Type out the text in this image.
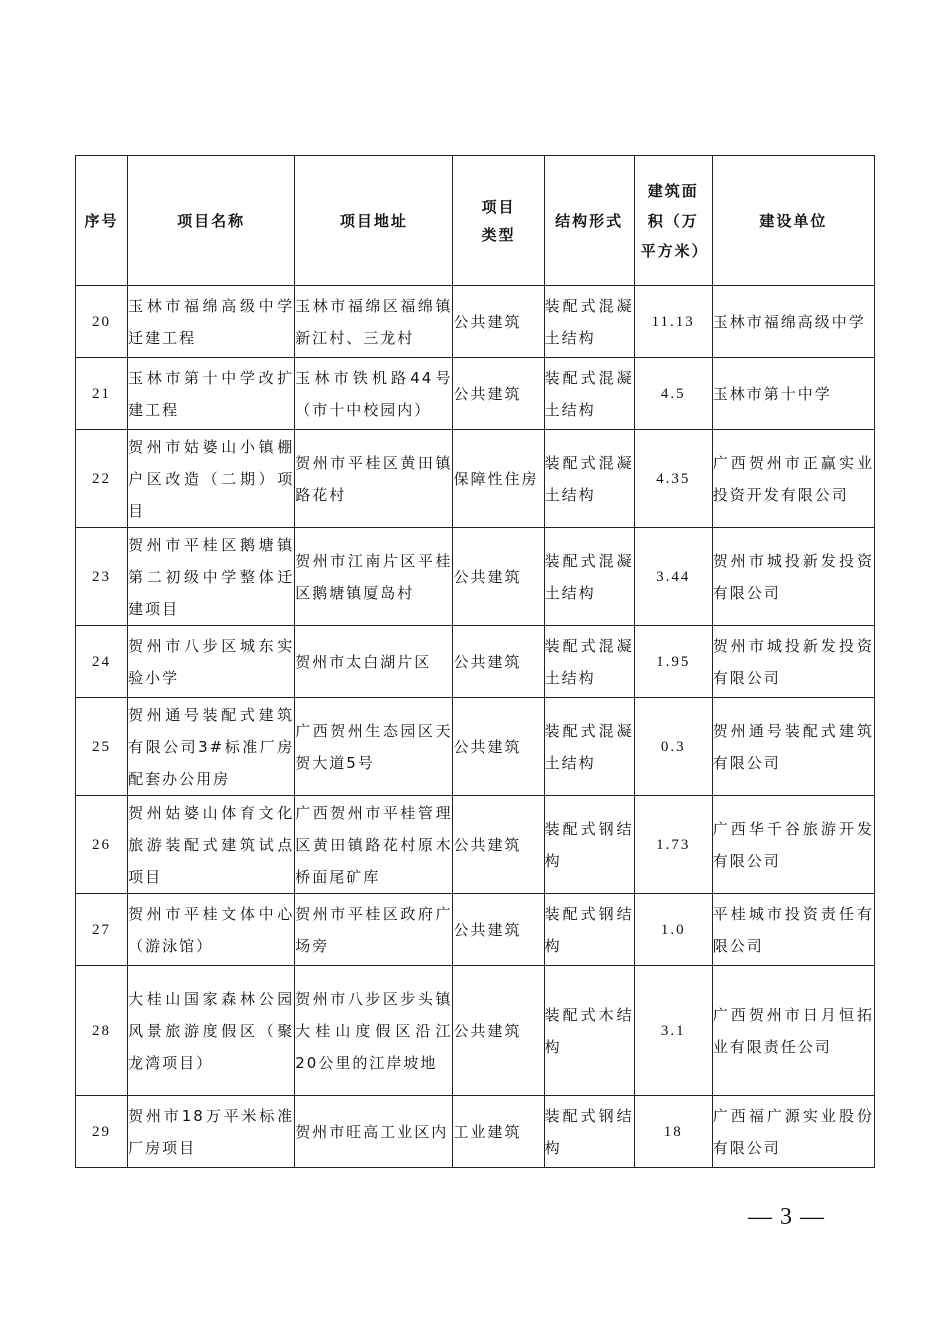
序号	项目名称	项目地址	项目类型	结构形式	建筑面积（万平方米）	建设单位
20	玉林市福绵高级中学迁建工程	玉林市福绵区福绵镇新江村、三龙村	公共建筑	装配式混凝土结构	11.13	玉林市福绵高级中学
21	玉林市第十中学改扩建工程	玉林市铁机路44号（市十中校园内）	公共建筑	装配式混凝土结构	4.5	玉林市第十中学
22	贺州市姑婆山小镇棚户区改造（二期）项目	贺州市平桂区黄田镇路花村	保障性住房	装配式混凝土结构	4.35	广西贺州市正赢实业投资开发有限公司
23	贺州市平桂区鹅塘镇第二初级中学整体迁建项目	贺州市江南片区平桂区鹅塘镇厦岛村	公共建筑	装配式混凝土结构	3.44	贺州市城投新发投资有限公司
24	贺州市八步区城东实验小学	贺州市太白湖片区	公共建筑	装配式混凝土结构	1.95	贺州市城投新发投资有限公司
25	贺州通号装配式建筑有限公司3#标准厂房配套办公用房	广西贺州生态园区天贺大道5号	公共建筑	装配式混凝土结构	0.3	贺州通号装配式建筑有限公司
26	贺州姑婆山体育文化旅游装配式建筑试点项目	广西贺州市平桂管理区黄田镇路花村原木桥面尾矿库	公共建筑	装配式钢结构	1.73	广西华千谷旅游开发有限公司
27	贺州市平桂文体中心（游泳馆）	贺州市平桂区政府广场旁	公共建筑	装配式钢结构	1.0	平桂城市投资责任有限公司
28	大桂山国家森林公园风景旅游度假区（聚龙湾项目）	贺州市八步区步头镇大桂山度假区沿江20公里的江岸坡地	公共建筑	装配式木结构	3.1	广西贺州市日月恒拓业有限责任公司
29	贺州市18万平米标准厂房项目	贺州市旺高工业区内	工业建筑	装配式钢结构	18	广西福广源实业股份有限公司
— 3 —
